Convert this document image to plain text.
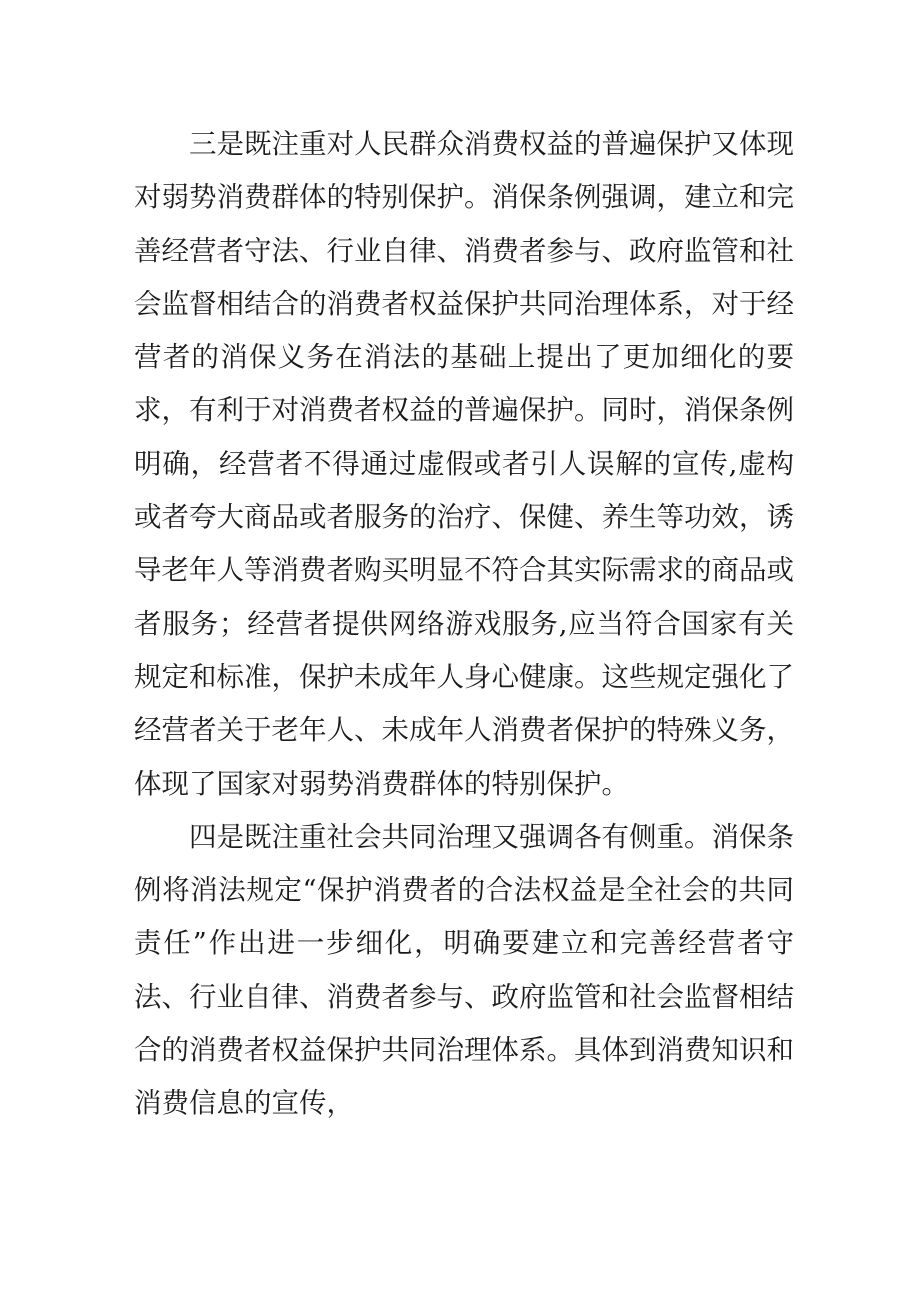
三是既注重对人民群众消费权益的普遍保护又体现对弱势消费群体的特别保护。消保条例强调，建立和完善经营者守法、行业自律、消费者参与、政府监管和社会监督相结合的消费者权益保护共同治理体系，对于经营者的消保义务在消法的基础上提出了更加细化的要求，有利于对消费者权益的普遍保护。同时，消保条例明确，经营者不得通过虚假或者引人误解的宣传,虚构或者夸大商品或者服务的治疗、保健、养生等功效，诱导老年人等消费者购买明显不符合其实际需求的商品或者服务；经营者提供网络游戏服务,应当符合国家有关规定和标准，保护未成年人身心健康。这些规定强化了经营者关于老年人、未成年人消费者保护的特殊义务，体现了国家对弱势消费群体的特别保护。

四是既注重社会共同治理又强调各有侧重。消保条例将消法规定“保护消费者的合法权益是全社会的共同责任”作出进一步细化，明确要建立和完善经营者守法、行业自律、消费者参与、政府监管和社会监督相结合的消费者权益保护共同治理体系。具体到消费知识和消费信息的宣传，
